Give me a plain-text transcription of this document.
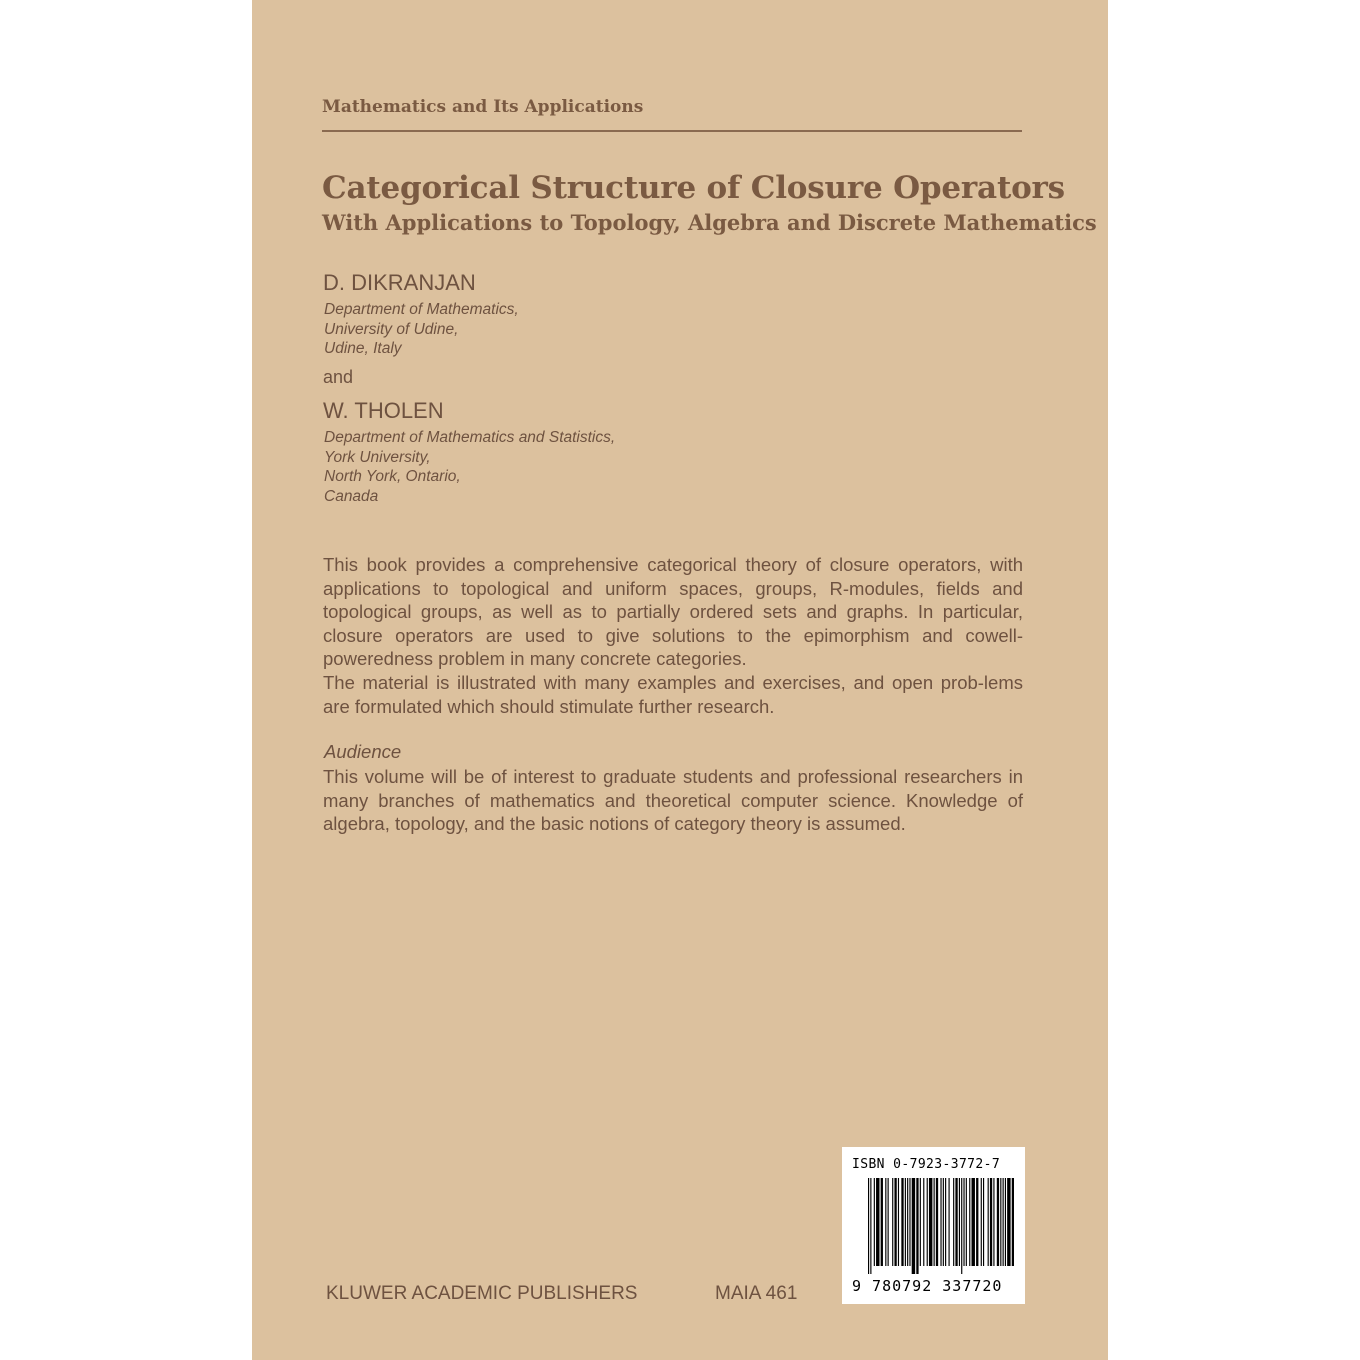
Mathematics and Its Applications
Categorical Structure of Closure Operators
With Applications to Topology, Algebra and Discrete Mathematics
D. DIKRANJAN
Department of Mathematics,
University of Udine,
Udine, Italy
and
W. THOLEN
Department of Mathematics and Statistics,
York University,
North York, Ontario,
Canada
This book provides a comprehensive categorical theory of closure operators, with applications to topological and uniform spaces, groups, R-modules, fields and topological groups, as well as to partially ordered sets and graphs. In particular, closure operators are used to give solutions to the epimorphism and cowell-poweredness problem in many concrete categories.
The material is illustrated with many examples and exercises, and open prob-lems are formulated which should stimulate further research.
Audience
This volume will be of interest to graduate students and professional researchers in many branches of mathematics and theoretical computer science. Knowledge of algebra, topology, and the basic notions of category theory is assumed.
ISBN 0-7923-3772-7
9 780792 337720
KLUWER ACADEMIC PUBLISHERS	MAIA 461
